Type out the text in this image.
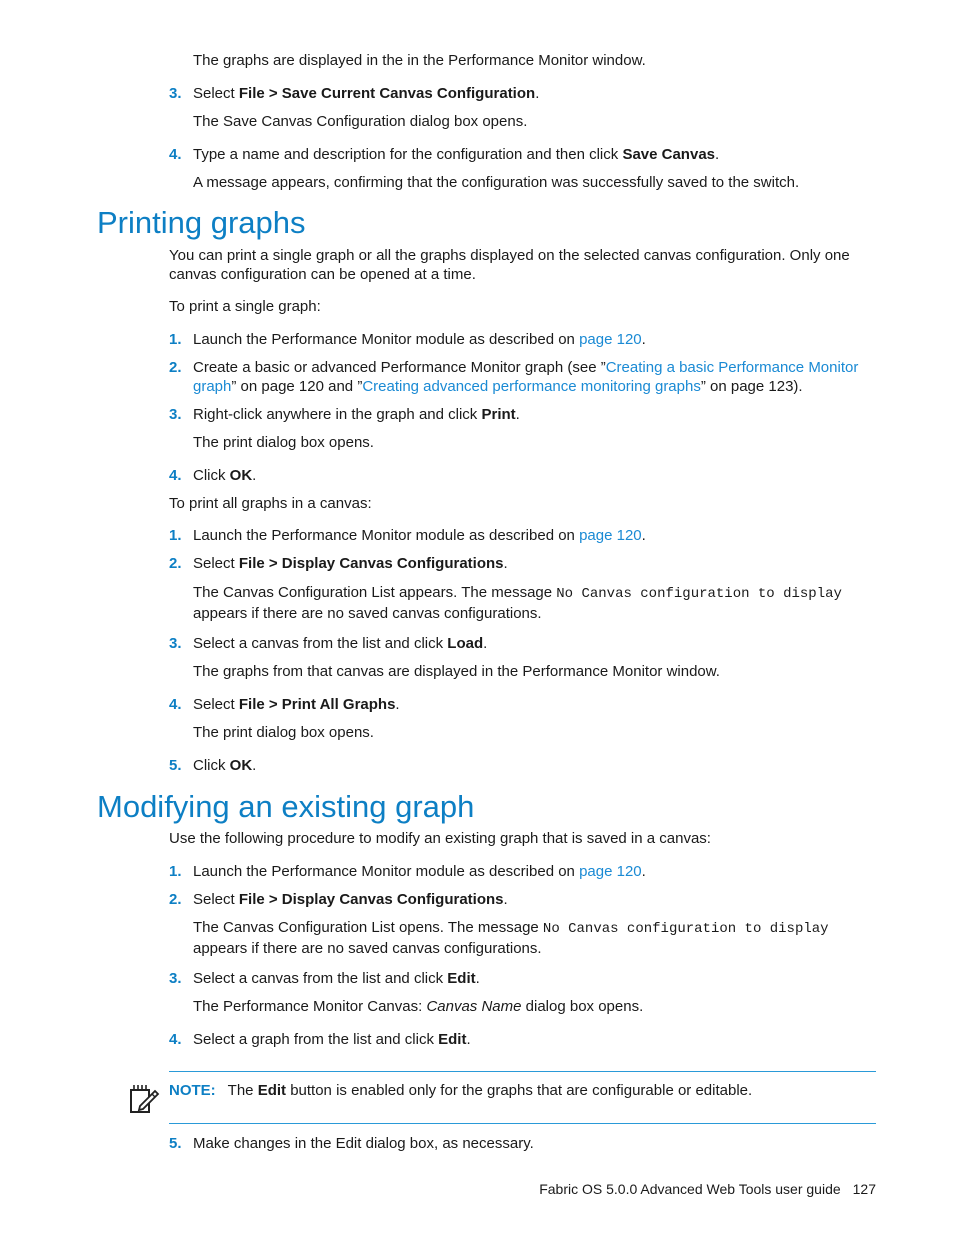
The graphs are displayed in the in the Performance Monitor window.
3. Select File > Save Current Canvas Configuration.
The Save Canvas Configuration dialog box opens.
4. Type a name and description for the configuration and then click Save Canvas.
A message appears, confirming that the configuration was successfully saved to the switch.
Printing graphs
You can print a single graph or all the graphs displayed on the selected canvas configuration. Only one canvas configuration can be opened at a time.
To print a single graph:
1. Launch the Performance Monitor module as described on page 120.
2. Create a basic or advanced Performance Monitor graph (see ”Creating a basic Performance Monitor graph” on page 120 and ”Creating advanced performance monitoring graphs” on page 123).
3. Right-click anywhere in the graph and click Print.
The print dialog box opens.
4. Click OK.
To print all graphs in a canvas:
1. Launch the Performance Monitor module as described on page 120.
2. Select File > Display Canvas Configurations.
The Canvas Configuration List appears. The message No Canvas configuration to display appears if there are no saved canvas configurations.
3. Select a canvas from the list and click Load.
The graphs from that canvas are displayed in the Performance Monitor window.
4. Select File > Print All Graphs.
The print dialog box opens.
5. Click OK.
Modifying an existing graph
Use the following procedure to modify an existing graph that is saved in a canvas:
1. Launch the Performance Monitor module as described on page 120.
2. Select File > Display Canvas Configurations.
The Canvas Configuration List opens. The message No Canvas configuration to display appears if there are no saved canvas configurations.
3. Select a canvas from the list and click Edit.
The Performance Monitor Canvas: Canvas Name dialog box opens.
4. Select a graph from the list and click Edit.
NOTE: The Edit button is enabled only for the graphs that are configurable or editable.
5. Make changes in the Edit dialog box, as necessary.
Fabric OS 5.0.0 Advanced Web Tools user guide 127
